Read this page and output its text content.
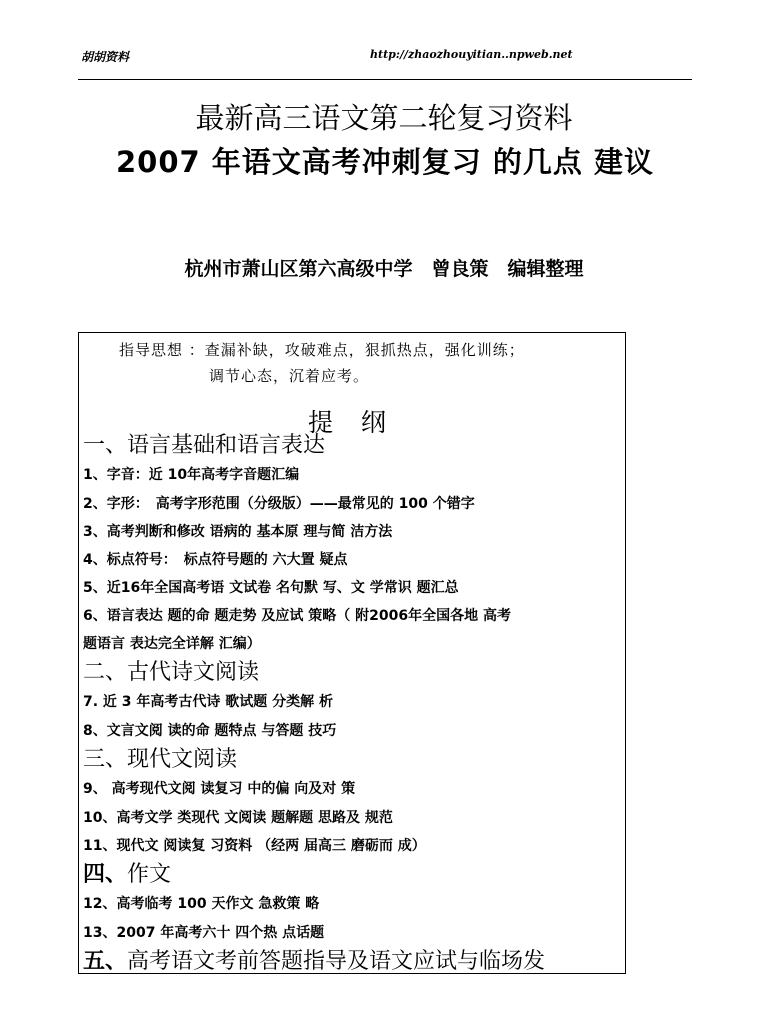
胡胡资料	http://zhaozhouyitian..npweb.net
最新高三语文第二轮复习资料
2007 年语文高考冲刺复习 的几点 建议
杭州市萧山区第六高级中学　曾良策　编辑整理
指导思想 ：查漏补缺，攻破难点，狠抓热点，强化训练；
调节心态，沉着应考。
提 纲
一、语言基础和语言表达
1、字音：近 10年高考字音题汇编
2、字形：　高考字形范围（分级版）——最常见的 100 个错字
3、高考判断和修改 语病的 基本原 理与简 洁方法
4、标点符号：　标点符号题的 六大置 疑点
5、近16年全国高考语 文试卷 名句默 写、文 学常识 题汇总
6、语言表达 题的命 题走势 及应试 策略（ 附2006年全国各地 高考
题语言 表达完全详解 汇编）
二、古代诗文阅读
7. 近 3 年高考古代诗 歌试题 分类解 析
8、文言文阅 读的命 题特点 与答题 技巧
三、现代文阅读
9、 高考现代文阅 读复习 中的偏 向及对 策
10、高考文学 类现代 文阅读 题解题 思路及 规范
11、现代文 阅读复 习资料 （经两 届高三 磨砺而 成）
四、作文
12、高考临考 100 天作文 急救策 略
13、2007 年高考六十 四个热 点话题
五、高考语文考前答题指导及语文应试与临场发
